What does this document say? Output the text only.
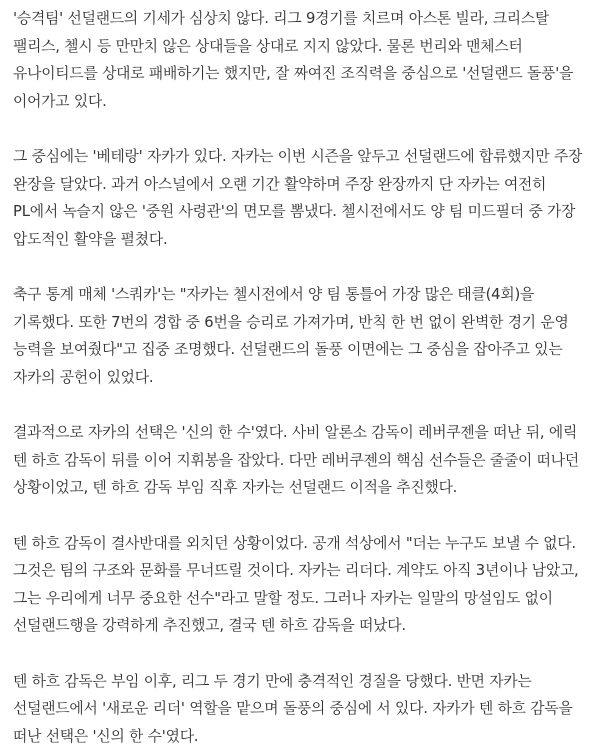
'승격팀' 선덜랜드의 기세가 심상치 않다. 리그 9경기를 치르며 아스톤 빌라, 크리스탈 팰리스, 첼시 등 만만치 않은 상대들을 상대로 지지 않았다. 물론 번리와 맨체스터 유나이티드를 상대로 패배하기는 했지만, 잘 짜여진 조직력을 중심으로 '선덜랜드 돌풍'을 이어가고 있다.

그 중심에는 '베테랑' 자카가 있다. 자카는 이번 시즌을 앞두고 선덜랜드에 합류했지만 주장 완장을 달았다. 과거 아스널에서 오랜 기간 활약하며 주장 완장까지 단 자카는 여전히 PL에서 녹슬지 않은 '중원 사령관'의 면모를 뽐냈다. 첼시전에서도 양 팀 미드필더 중 가장 압도적인 활약을 펼쳤다.

축구 통계 매체 '스쿼카'는 "자카는 첼시전에서 양 팀 통틀어 가장 많은 태클(4회)을 기록했다. 또한 7번의 경합 중 6번을 승리로 가져가며, 반칙 한 번 없이 완벽한 경기 운영 능력을 보여줬다"고 집중 조명했다. 선덜랜드의 돌풍 이면에는 그 중심을 잡아주고 있는 자카의 공헌이 있었다.

결과적으로 자카의 선택은 '신의 한 수'였다. 사비 알론소 감독이 레버쿠젠을 떠난 뒤, 에릭 텐 하흐 감독이 뒤를 이어 지휘봉을 잡았다. 다만 레버쿠젠의 핵심 선수들은 줄줄이 떠나던 상황이었고, 텐 하흐 감독 부임 직후 자카는 선덜랜드 이적을 추진했다.

텐 하흐 감독이 결사반대를 외치던 상황이었다. 공개 석상에서 "더는 누구도 보낼 수 없다. 그것은 팀의 구조와 문화를 무너뜨릴 것이다. 자카는 리더다. 계약도 아직 3년이나 남았고, 그는 우리에게 너무 중요한 선수"라고 말할 정도. 그러나 자카는 일말의 망설임도 없이 선덜랜드행을 강력하게 추진했고, 결국 텐 하흐 감독을 떠났다.

텐 하흐 감독은 부임 이후, 리그 두 경기 만에 충격적인 경질을 당했다. 반면 자카는 선덜랜드에서 '새로운 리더' 역할을 맡으며 돌풍의 중심에 서 있다. 자카가 텐 하흐 감독을 떠난 선택은 '신의 한 수'였다.
